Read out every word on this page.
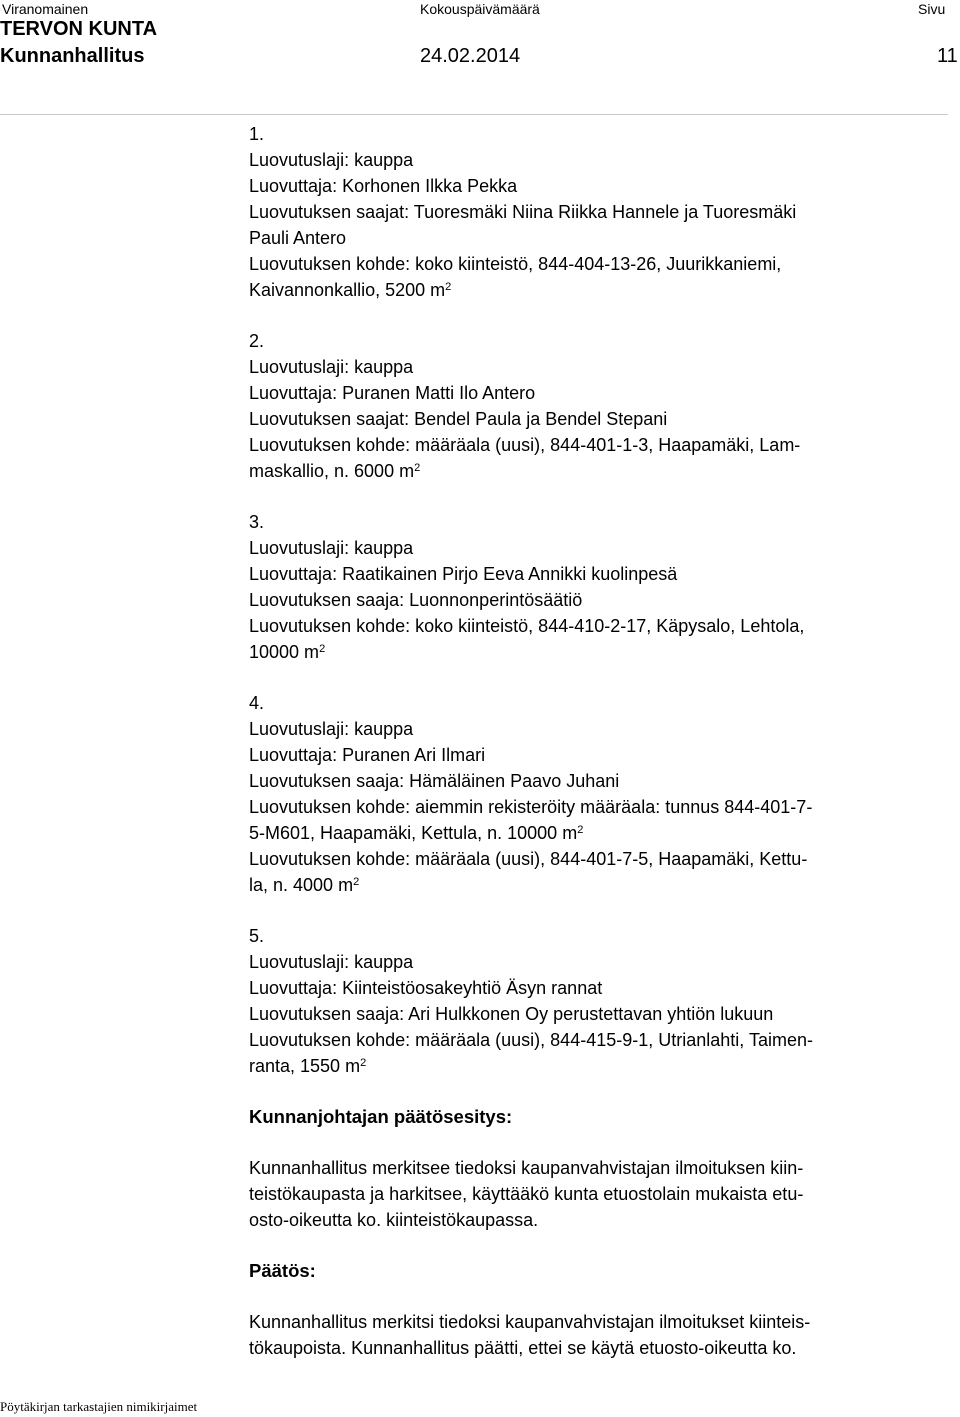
Viranomainen	Kokouspäivämäärä	Sivu
TERVON KUNTA
Kunnanhallitus	24.02.2014	11
1.
Luovutuslaji: kauppa
Luovuttaja: Korhonen Ilkka Pekka
Luovutuksen saajat: Tuoresmäki Niina Riikka Hannele ja Tuoresmäki
Pauli Antero
Luovutuksen kohde: koko kiinteistö, 844-404-13-26, Juurikkaniemi,
Kaivannonkallio, 5200 $m^2$
2.
Luovutuslaji: kauppa
Luovuttaja: Puranen Matti Ilo Antero
Luovutuksen saajat: Bendel Paula ja Bendel Stepani
Luovutuksen kohde: määräala (uusi), 844-401-1-3, Haapamäki, Lam-
maskallio, n. 6000 $m^2$
3.
Luovutuslaji: kauppa
Luovuttaja: Raatikainen Pirjo Eeva Annikki kuolinpesä
Luovutuksen saaja: Luonnonperintösäätiö
Luovutuksen kohde: koko kiinteistö, 844-410-2-17, Käpysalo, Lehtola,
10000 $m^2$
4.
Luovutuslaji: kauppa
Luovuttaja: Puranen Ari Ilmari
Luovutuksen saaja: Hämäläinen Paavo Juhani
Luovutuksen kohde: aiemmin rekisteröity määräala: tunnus 844-401-7-
5-M601, Haapamäki, Kettula, n. 10000 $m^2$
Luovutuksen kohde: määräala (uusi), 844-401-7-5, Haapamäki, Kettu-
la, n. 4000 $m^2$
5.
Luovutuslaji: kauppa
Luovuttaja: Kiinteistöosakeyhtiö Äsyn rannat
Luovutuksen saaja: Ari Hulkkonen Oy perustettavan yhtiön lukuun
Luovutuksen kohde: määräala (uusi), 844-415-9-1, Utrianlahti, Taimen-
ranta, 1550 $m^2$

Kunnanjohtajan päätösesitys:

Kunnanhallitus merkitsee tiedoksi kaupanvahvistajan ilmoituksen kiin-
teistökaupasta ja harkitsee, käyttääkö kunta etuostolain mukaista etu-
osto-oikeutta ko. kiinteistökaupassa.

Päätös:

Kunnanhallitus merkitsi tiedoksi kaupanvahvistajan ilmoitukset kiinteis-
tökaupoista. Kunnanhallitus päätti, ettei se käytä etuosto-oikeutta ko.
Pöytäkirjan tarkastajien nimikirjaimet
